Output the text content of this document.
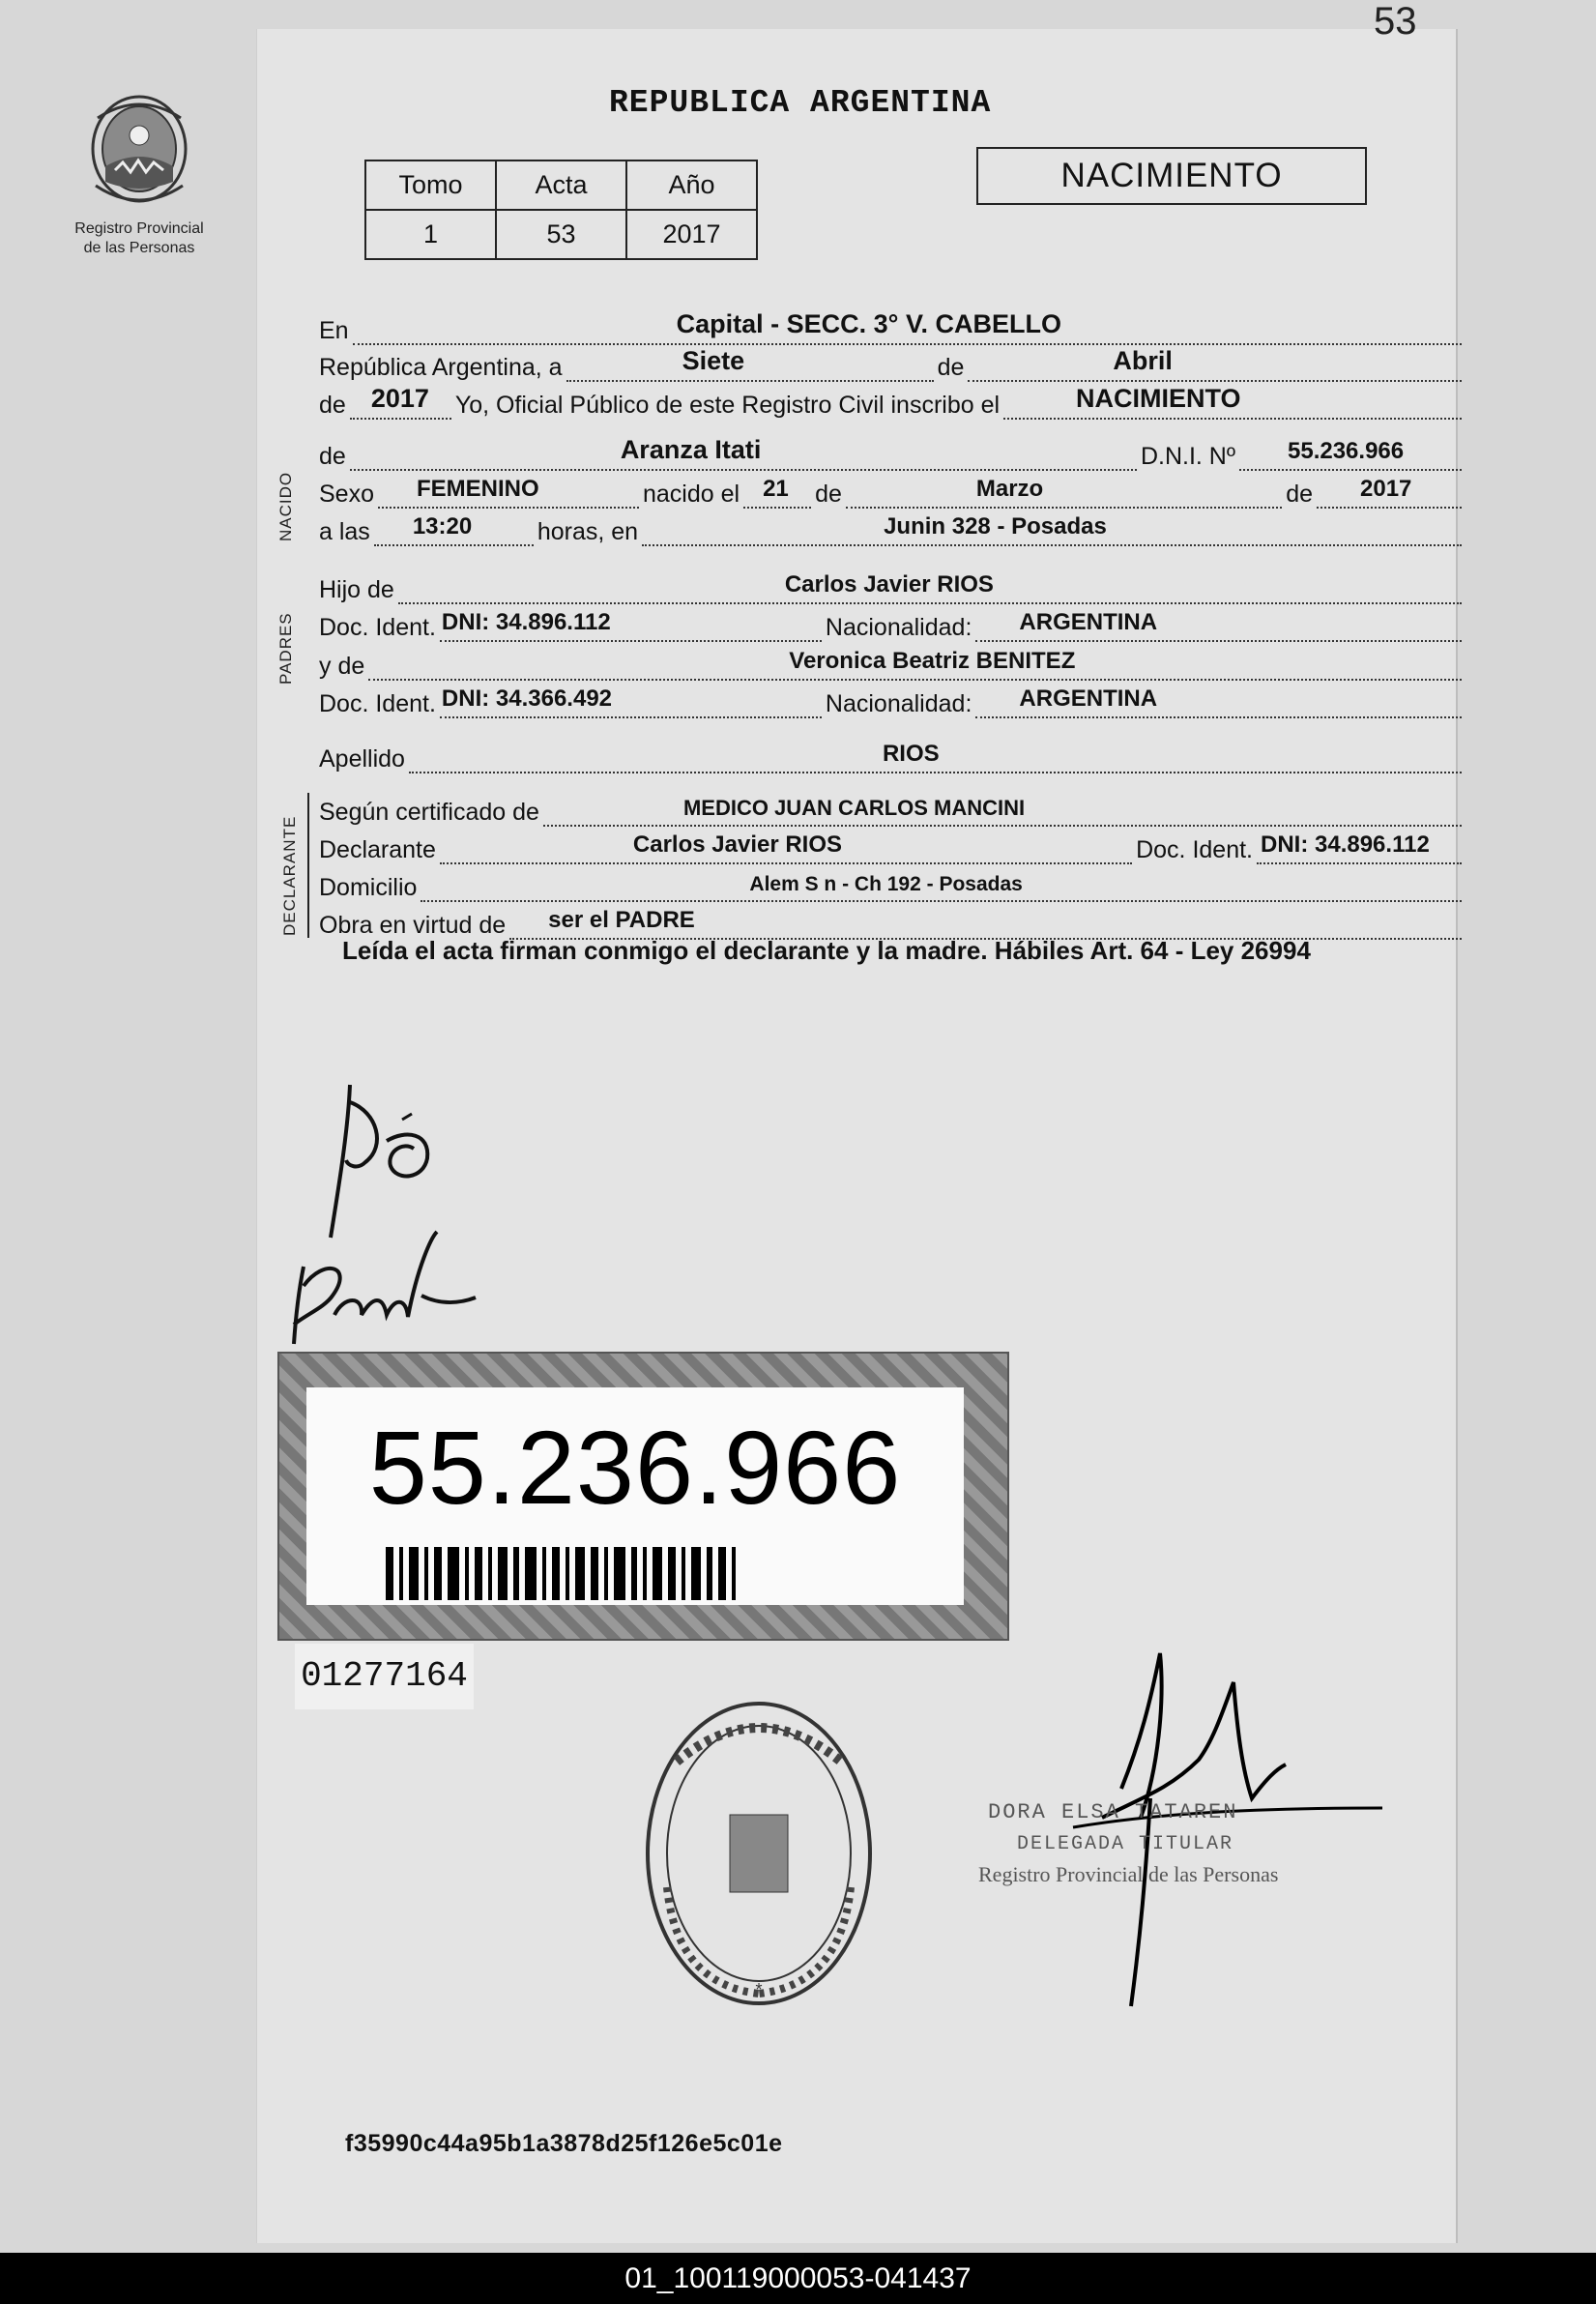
53
Registro Provincial
de las Personas
REPUBLICA ARGENTINA
Tomo	Acta	Año
1	53	2017
NACIMIENTO
En	Capital - SECC. 3° V. CABELLO
República Argentina, a	Siete	de	Abril
de 2017 Yo, Oficial Público de este Registro Civil inscribo el	NACIMIENTO
de	Aranza Itati	D.N.I. Nº 55.236.966
Sexo FEMENINO	nacido el 21 de	Marzo	de 2017
a las 13:20	horas, en	Junin 328 - Posadas
Hijo de	Carlos Javier RIOS
Doc. Ident. DNI: 34.896.112	Nacionalidad: ARGENTINA
y de	Veronica Beatriz BENITEZ
Doc. Ident. DNI: 34.366.492	Nacionalidad: ARGENTINA
Apellido	RIOS
Según certificado de	MEDICO JUAN CARLOS MANCINI
Declarante	Carlos Javier RIOS	Doc. Ident. DNI: 34.896.112
Domicilio	Alem S n - Ch 192 - Posadas
Obra en virtud de ser el PADRE
NACIDO
PADRES
DECLARANTE
Leída el acta firman conmigo el declarante y la madre. Hábiles Art. 64 - Ley 26994
55.236.966
01277164
*
DORA ELSA TATAREN
DELEGADA TITULAR
Registro Provincial de las Personas
f35990c44a95b1a3878d25f126e5c01e
01_100119000053-041437
